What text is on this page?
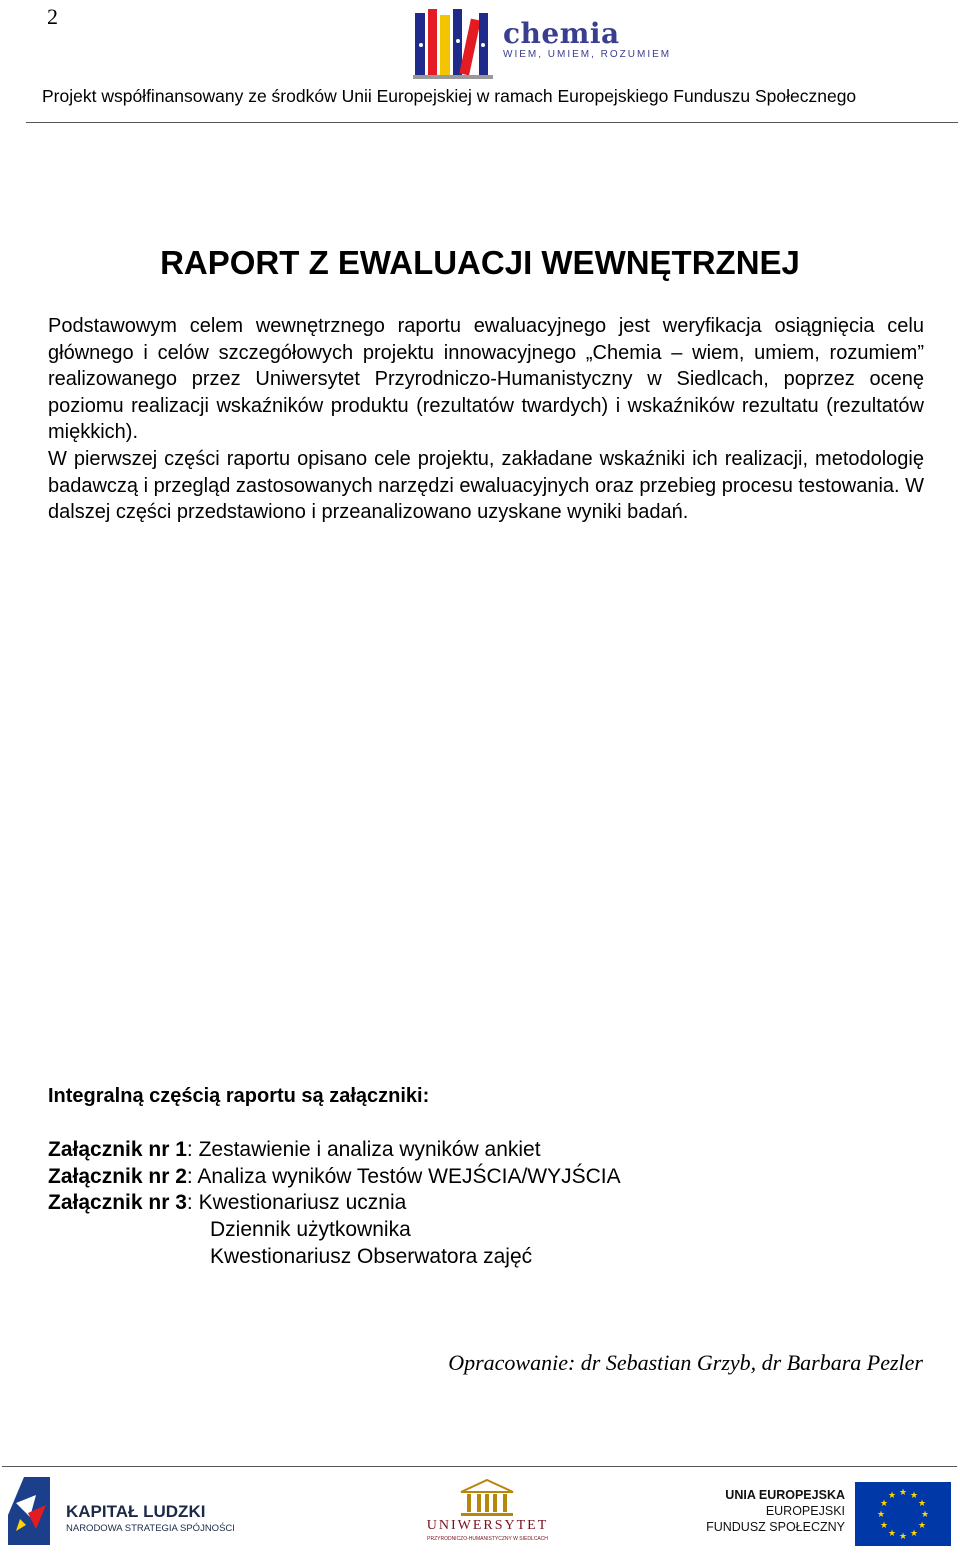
2
chemia
WIEM, UMIEM, ROZUMIEM
Projekt współfinansowany ze środków Unii Europejskiej w ramach Europejskiego Funduszu Społecznego
RAPORT Z EWALUACJI WEWNĘTRZNEJ
Podstawowym celem wewnętrznego raportu ewaluacyjnego jest weryfikacja osiągnięcia celu głównego i celów szczegółowych projektu innowacyjnego „Chemia – wiem, umiem, rozumiem” realizowanego przez Uniwersytet Przyrodniczo-Humanistyczny w Siedlcach, poprzez ocenę poziomu realizacji wskaźników produktu (rezultatów twardych) i wskaźników rezultatu (rezultatów miękkich).
W pierwszej części raportu opisano cele projektu, zakładane wskaźniki ich realizacji, metodologię badawczą i przegląd zastosowanych narzędzi ewaluacyjnych oraz przebieg procesu testowania. W dalszej części przedstawiono i przeanalizowano uzyskane wyniki badań.
Integralną częścią raportu są załączniki:
Załącznik nr 1: Zestawienie i analiza wyników ankiet
Załącznik nr 2: Analiza wyników Testów WEJŚCIA/WYJŚCIA
Załącznik nr 3: Kwestionariusz ucznia
Dziennik użytkownika
Kwestionariusz Obserwatora zajęć
Opracowanie: dr Sebastian Grzyb, dr Barbara Pezler
KAPITAŁ LUDZKI
NARODOWA STRATEGIA SPÓJNOŚCI	UNIWERSYTET
PRZYRODNICZO-HUMANISTYCZNY W SIEDLCACH
UNIA EUROPEJSKA
EUROPEJSKI
FUNDUSZ SPOŁECZNY
★ ★
★
★
★
★
★
★
★
★
★
★
